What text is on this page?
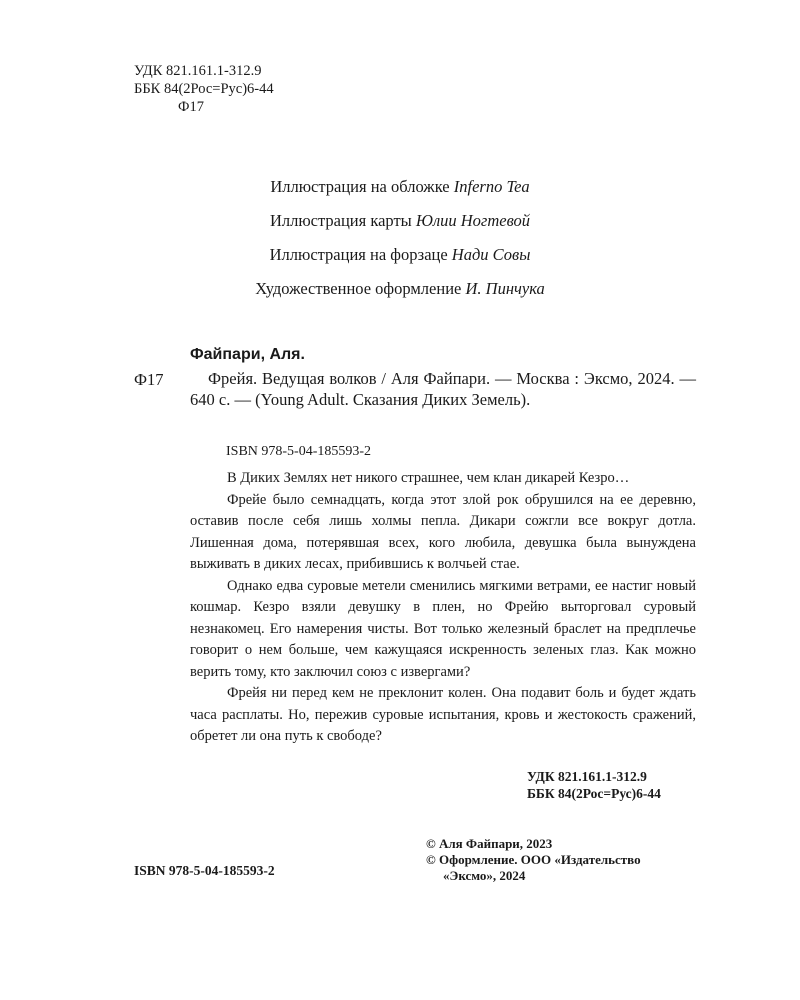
УДК 821.161.1-312.9
ББК 84(2Рос=Рус)6-44
Ф17
Иллюстрация на обложке Inferno Tea
Иллюстрация карты Юлии Ногтевой
Иллюстрация на форзаце Нади Совы
Художественное оформление И. Пинчука
Файпари, Аля.
Ф17	Фрейя. Ведущая волков / Аля Файпари. — Москва : Эксмо, 2024. — 640 с. — (Young Adult. Сказания Диких Земель).
ISBN 978-5-04-185593-2

В Диких Землях нет никого страшнее, чем клан дикарей Кезро…

Фрейе было семнадцать, когда этот злой рок обрушился на ее деревню, оставив после себя лишь холмы пепла. Дикари сожгли все вокруг дотла. Лишенная дома, потерявшая всех, кого любила, девушка была вынуждена выживать в диких лесах, прибившись к волчьей стае.

Однако едва суровые метели сменились мягкими ветрами, ее настиг новый кошмар. Кезро взяли девушку в плен, но Фрейю выторговал суровый незнакомец. Его намерения чисты. Вот только железный браслет на предплечье говорит о нем больше, чем кажущаяся искренность зеленых глаз. Как можно верить тому, кто заключил союз с извергами?

Фрейя ни перед кем не преклонит колен. Она подавит боль и будет ждать часа расплаты. Но, пережив суровые испытания, кровь и жестокость сражений, обретет ли она путь к свободе?

УДК 821.161.1-312.9
ББК 84(2Рос=Рус)6-44
© Аля Файпари, 2023
© Оформление. ООО «Издательство
«Эксмо», 2024
ISBN 978-5-04-185593-2
